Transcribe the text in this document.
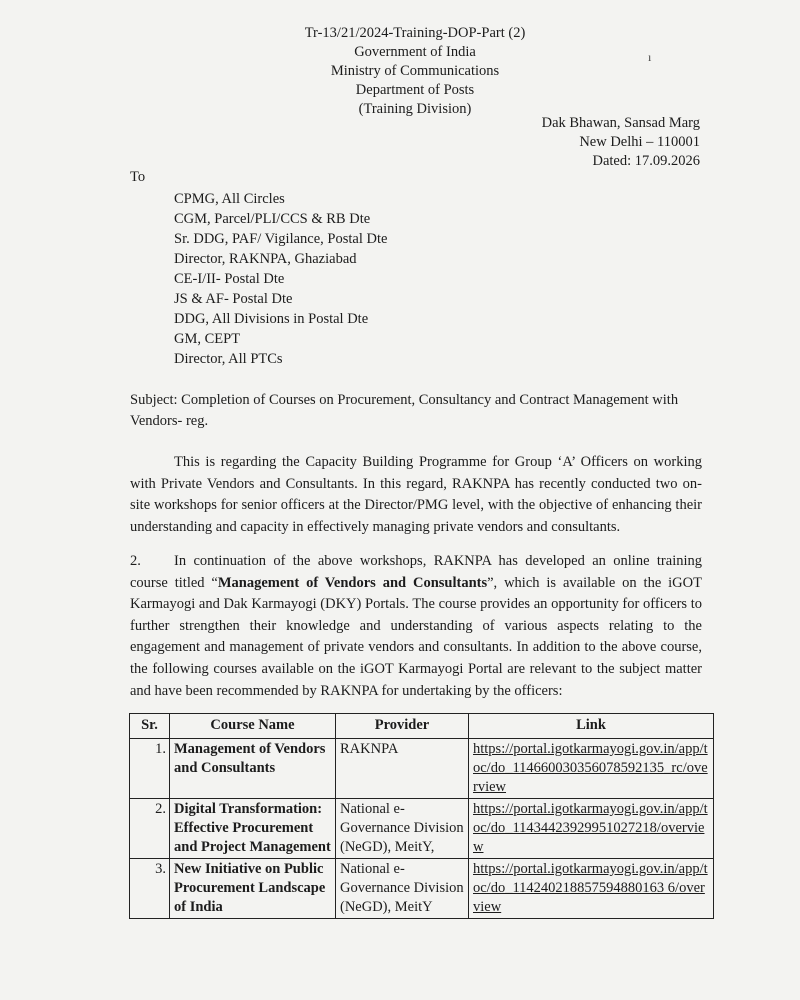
Tr-13/21/2024-Training-DOP-Part (2)
Government of India
Ministry of Communications
Department of Posts
(Training Division)
ı
Dak Bhawan, Sansad Marg
New Delhi – 110001
Dated: 17.09.2026
To
CPMG, All Circles
CGM, Parcel/PLI/CCS & RB Dte
Sr. DDG, PAF/ Vigilance, Postal Dte
Director, RAKNPA, Ghaziabad
CE-I/II- Postal Dte
JS & AF- Postal Dte
DDG, All Divisions in Postal Dte
GM, CEPT
Director, All PTCs
Subject: Completion of Courses on Procurement, Consultancy and Contract Management with Vendors- reg.
This is regarding the Capacity Building Programme for Group ‘A’ Officers on working with Private Vendors and Consultants. In this regard, RAKNPA has recently conducted two on-site workshops for senior officers at the Director/PMG level, with the objective of enhancing their understanding and capacity in effectively managing private vendors and consultants.
2. In continuation of the above workshops, RAKNPA has developed an online training course titled “Management of Vendors and Consultants”, which is available on the iGOT Karmayogi and Dak Karmayogi (DKY) Portals. The course provides an opportunity for officers to further strengthen their knowledge and understanding of various aspects relating to the engagement and management of private vendors and consultants. In addition to the above course, the following courses available on the iGOT Karmayogi Portal are relevant to the subject matter and have been recommended by RAKNPA for undertaking by the officers:
Sr.	Course Name	Provider	Link
1.	Management of Vendors and Consultants	RAKNPA	https://portal.igotkarmayogi.gov.in/app/toc/do_114660030356078592135_rc/overview
2.	Digital Transformation: Effective Procurement and Project Management	National e-Governance Division (NeGD), MeitY,	https://portal.igotkarmayogi.gov.in/app/toc/do_1143442392995102721​8/overview
3.	New Initiative on Public Procurement Landscape of India	National e-Governance Division (NeGD), MeitY	https://portal.igotkarmayogi.gov.in/app/toc/do_114240218857594880163 6/overview
